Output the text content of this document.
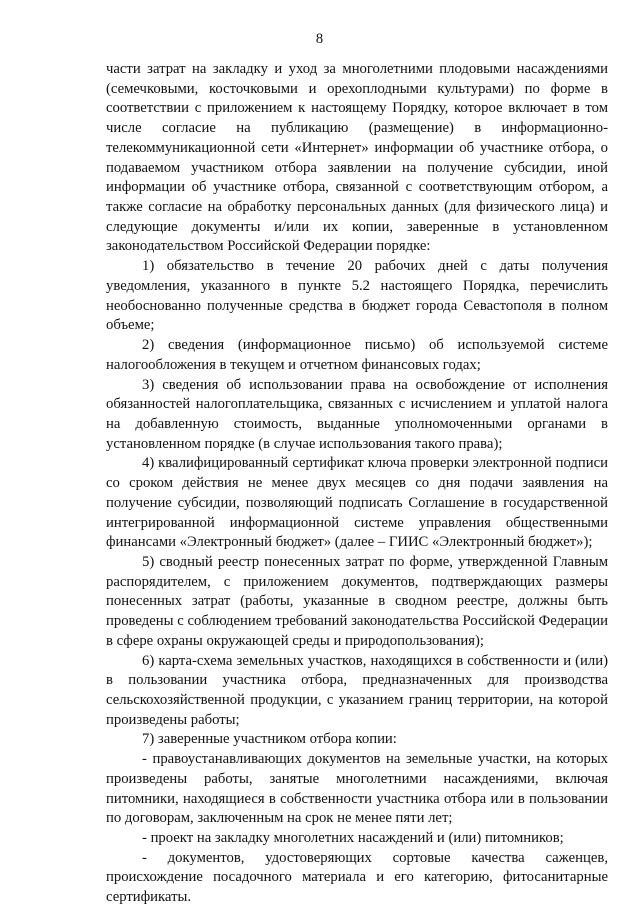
8

части затрат на закладку и уход за многолетними плодовыми насаждениями (семечковыми, косточковыми и орехоплодными культурами) по форме в соответствии с приложением к настоящему Порядку, которое включает в том числе согласие на публикацию (размещение) в информационно-телекоммуникационной сети «Интернет» информации об участнике отбора, о подаваемом участником отбора заявлении на получение субсидии, иной информации об участнике отбора, связанной с соответствующим отбором, а также согласие на обработку персональных данных (для физического лица) и следующие документы и/или их копии, заверенные в установленном законодательством Российской Федерации порядке:

1) обязательство в течение 20 рабочих дней с даты получения уведомления, указанного в пункте 5.2 настоящего Порядка, перечислить необоснованно полученные средства в бюджет города Севастополя в полном объеме;

2) сведения (информационное письмо) об используемой системе налогообложения в текущем и отчетном финансовых годах;

3) сведения об использовании права на освобождение от исполнения обязанностей налогоплательщика, связанных с исчислением и уплатой налога на добавленную стоимость, выданные уполномоченными органами в установленном порядке (в случае использования такого права);

4) квалифицированный сертификат ключа проверки электронной подписи со сроком действия не менее двух месяцев со дня подачи заявления на получение субсидии, позволяющий подписать Соглашение в государственной интегрированной информационной системе управления общественными финансами «Электронный бюджет» (далее – ГИИС «Электронный бюджет»);

5) сводный реестр понесенных затрат по форме, утвержденной Главным распорядителем, с приложением документов, подтверждающих размеры понесенных затрат (работы, указанные в сводном реестре, должны быть проведены с соблюдением требований законодательства Российской Федерации в сфере охраны окружающей среды и природопользования);

6) карта-схема земельных участков, находящихся в собственности и (или) в пользовании участника отбора, предназначенных для производства сельскохозяйственной продукции, с указанием границ территории, на которой произведены работы;

7) заверенные участником отбора копии:

- правоустанавливающих документов на земельные участки, на которых произведены работы, занятые многолетними насаждениями, включая питомники, находящиеся в собственности участника отбора или в пользовании по договорам, заключенным на срок не менее пяти лет;

- проект на закладку многолетних насаждений и (или) питомников;

- документов, удостоверяющих сортовые качества саженцев, происхождение посадочного материала и его категорию, фитосанитарные сертификаты.
